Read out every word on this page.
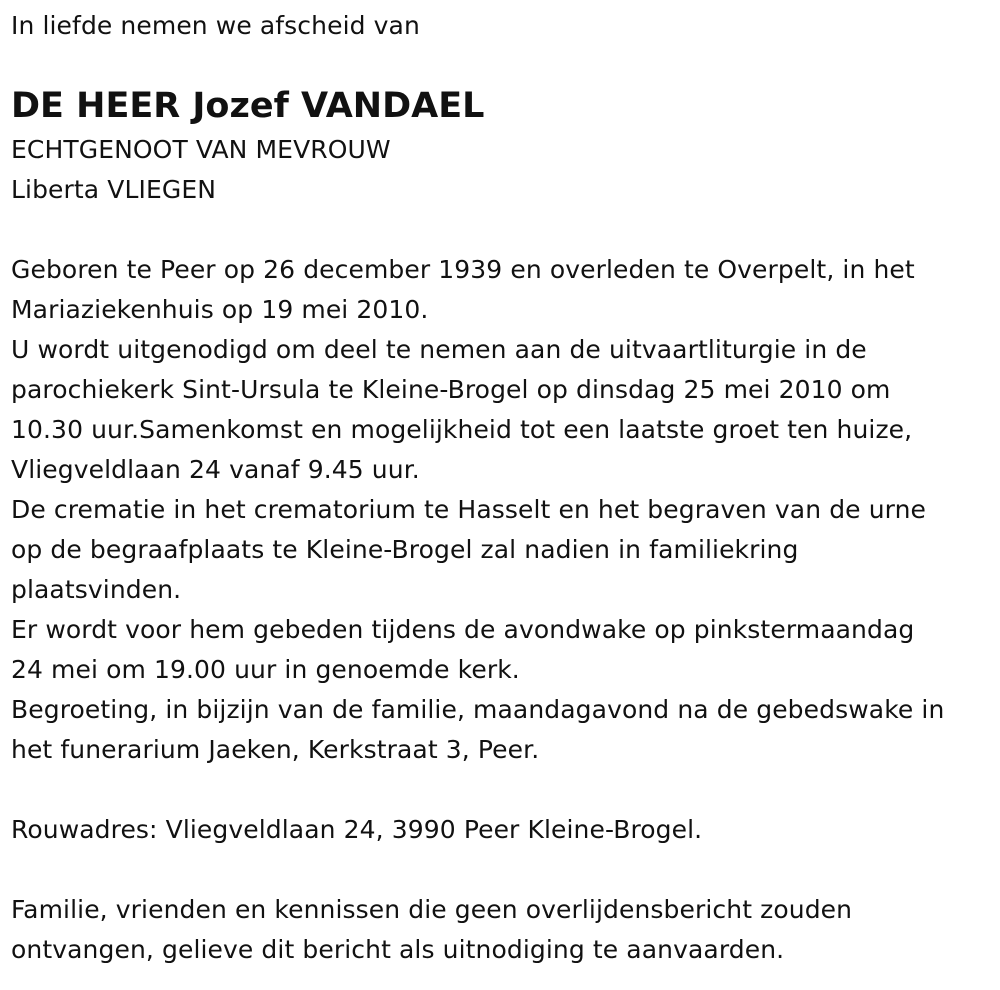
In liefde nemen we afscheid van
DE HEER Jozef VANDAEL
ECHTGENOOT VAN MEVROUW
Liberta VLIEGEN
Geboren te Peer op 26 december 1939 en overleden te Overpelt, in het
Mariaziekenhuis op 19 mei 2010.
U wordt uitgenodigd om deel te nemen aan de uitvaartliturgie in de
parochiekerk Sint-Ursula te Kleine-Brogel op dinsdag 25 mei 2010 om
10.30 uur.Samenkomst en mogelijkheid tot een laatste groet ten huize,
Vliegveldlaan 24 vanaf 9.45 uur.
De crematie in het crematorium te Hasselt en het begraven van de urne
op de begraafplaats te Kleine-Brogel zal nadien in familiekring
plaatsvinden.
Er wordt voor hem gebeden tijdens de avondwake op pinkstermaandag
24 mei om 19.00 uur in genoemde kerk.
Begroeting, in bijzijn van de familie, maandagavond na de gebedswake in
het funerarium Jaeken, Kerkstraat 3, Peer.
Rouwadres: Vliegveldlaan 24, 3990 Peer Kleine-Brogel.
Familie, vrienden en kennissen die geen overlijdensbericht zouden
ontvangen, gelieve dit bericht als uitnodiging te aanvaarden.
